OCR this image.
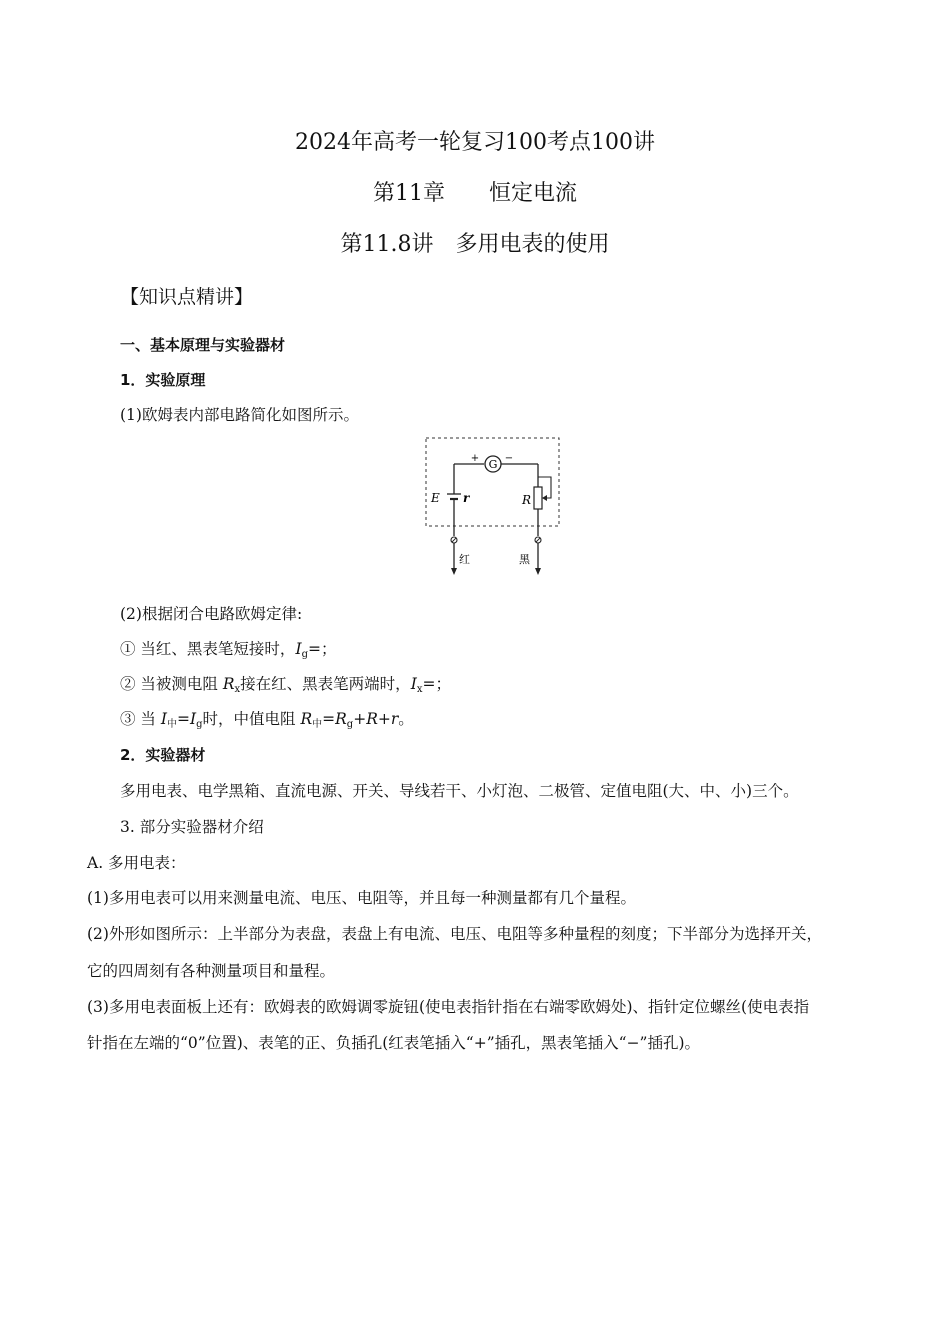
2024年高考一轮复习100考点100讲
第11章　　恒定电流
第11.8讲　多用电表的使用
【知识点精讲】
一、基本原理与实验器材
1．实验原理
(1)欧姆表内部电路简化如图所示。
G
+	−
E r	R
红	黑
(2)根据闭合电路欧姆定律:
① 当红、黑表笔短接时，$I_g=$；
② 当被测电阻 $R_x$接在红、黑表笔两端时，$I_x=$；
③ 当 $I_中=I_g$时，中值电阻 $R_中=R_g+R+r$。
2．实验器材
多用电表、电学黑箱、直流电源、开关、导线若干、小灯泡、二极管、定值电阻(大、中、小)三个。
3. 部分实验器材介绍
A. 多用电表：
(1)多用电表可以用来测量电流、电压、电阻等，并且每一种测量都有几个量程。
(2)外形如图所示：上半部分为表盘，表盘上有电流、电压、电阻等多种量程的刻度；下半部分为选择开关，
它的四周刻有各种测量项目和量程。
(3)多用电表面板上还有：欧姆表的欧姆调零旋钮(使电表指针指在右端零欧姆处)、指针定位螺丝(使电表指
针指在左端的“0”位置)、表笔的正、负插孔(红表笔插入“+”插孔，黑表笔插入“−”插孔)。
